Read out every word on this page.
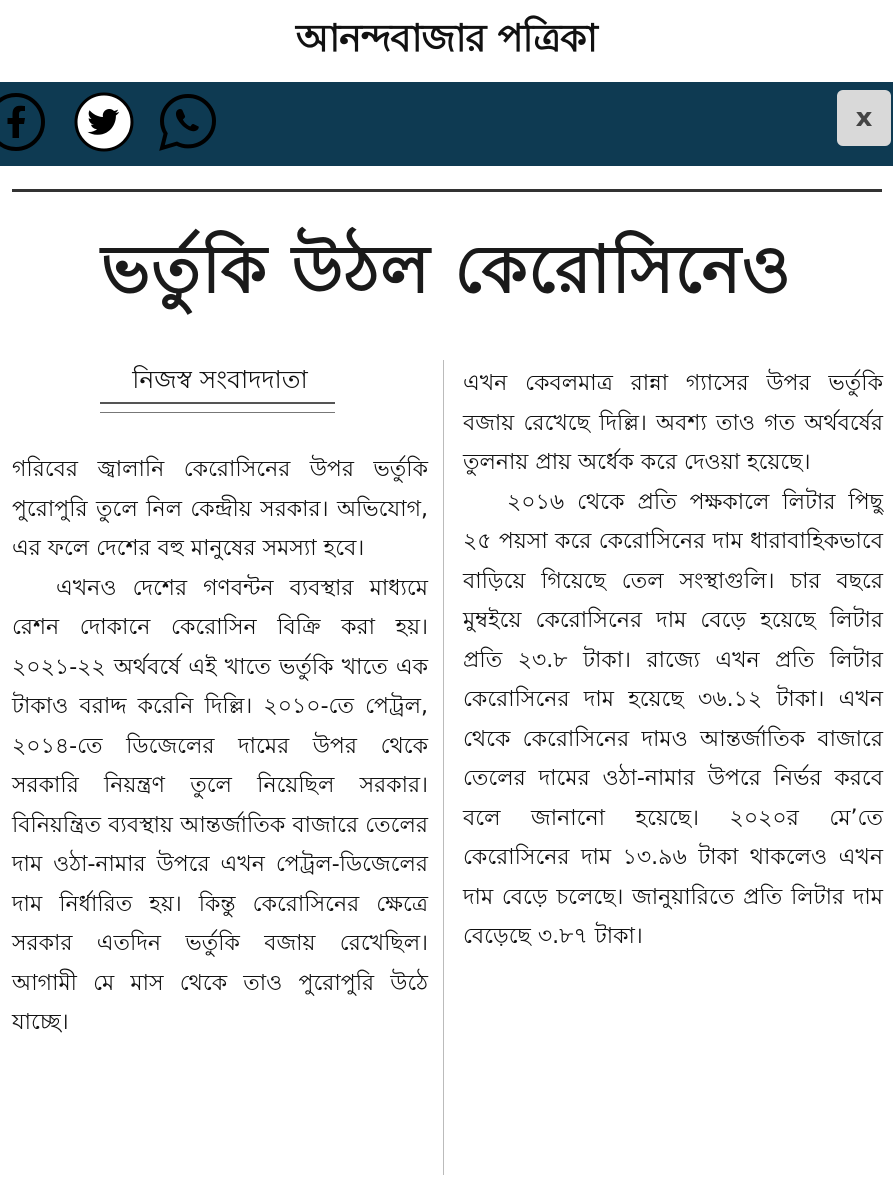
আনন্দবাজার পত্রিকা
x
ভর্তুকি উঠল কেরোসিনেও
নিজস্ব সংবাদদাতা

গরিবের জ্বালানি কেরোসিনের উপর ভর্তুকি পুরোপুরি তুলে নিল কেন্দ্রীয় সরকার। অভিযোগ, এর ফলে দেশের বহু মানুষের সমস্যা হবে।

এখনও দেশের গণবন্টন ব্যবস্থার মাধ্যমে রেশন দোকানে কেরোসিন বিক্রি করা হয়। ২০২১-২২ অর্থবর্ষে এই খাতে ভর্তুকি খাতে এক টাকাও বরাদ্দ করেনি দিল্লি। ২০১০-তে পেট্রল, ২০১৪-তে ডিজেলের দামের উপর থেকে সরকারি নিয়ন্ত্রণ তুলে নিয়েছিল সরকার। বিনিয়ন্ত্রিত ব্যবস্থায় আন্তর্জাতিক বাজারে তেলের দাম ওঠা-নামার উপরে এখন পেট্রল-ডিজেলের দাম নির্ধারিত হয়। কিন্তু কেরোসিনের ক্ষেত্রে সরকার এতদিন ভর্তুকি বজায় রেখেছিল। আগামী মে মাস থেকে তাও পুরোপুরি উঠে যাচ্ছে।

এখন কেবলমাত্র রান্না গ্যাসের উপর ভর্তুকি বজায় রেখেছে দিল্লি। অবশ্য তাও গত অর্থবর্ষের তুলনায় প্রায় অর্ধেক করে দেওয়া হয়েছে।

২০১৬ থেকে প্রতি পক্ষকালে লিটার পিছু ২৫ পয়সা করে কেরোসিনের দাম ধারাবাহিকভাবে বাড়িয়ে গিয়েছে তেল সংস্থাগুলি। চার বছরে মুম্বইয়ে কেরোসিনের দাম বেড়ে হয়েছে লিটার প্রতি ২৩.৮ টাকা। রাজ্যে এখন প্রতি লিটার কেরোসিনের দাম হয়েছে ৩৬.১২ টাকা। এখন থেকে কেরোসিনের দামও আন্তর্জাতিক বাজারে তেলের দামের ওঠা-নামার উপরে নির্ভর করবে বলে জানানো হয়েছে। ২০২০র মে’তে কেরোসিনের দাম ১৩.৯৬ টাকা থাকলেও এখন দাম বেড়ে চলেছে। জানুয়ারিতে প্রতি লিটার দাম বেড়েছে ৩.৮৭ টাকা।
